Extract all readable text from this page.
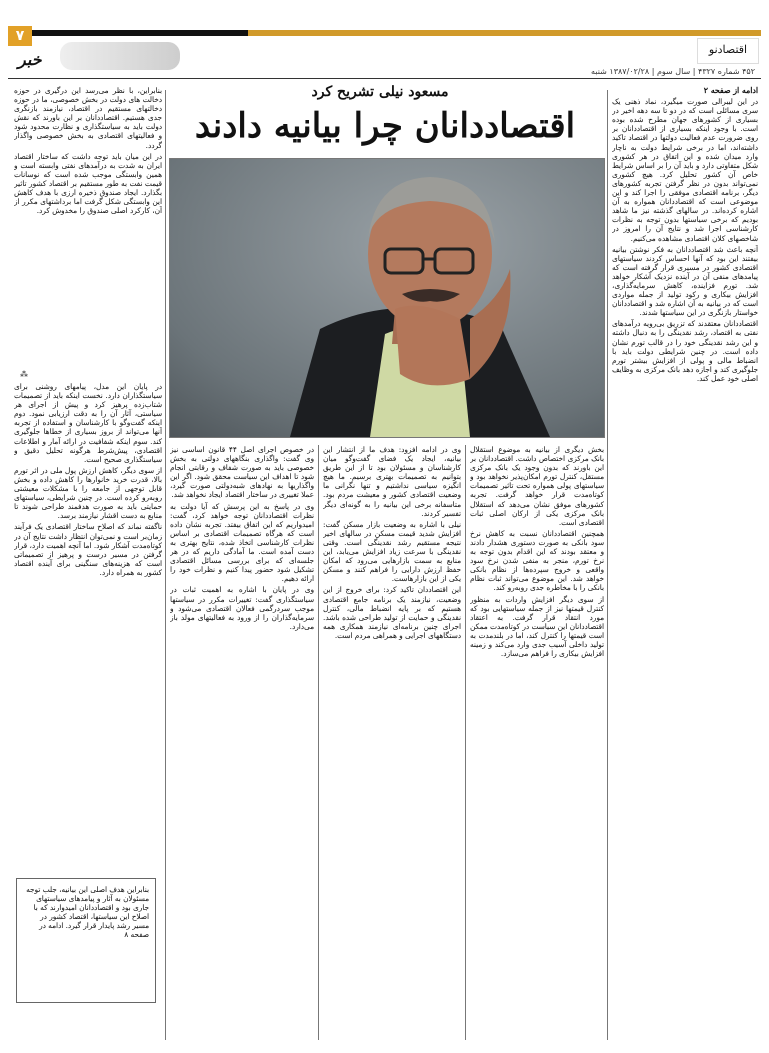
۷
خبر
اقتصادنو
۴۵۲ شماره ۴۳۲۷ | سال سوم | ۱۳۸۷/۰۲/۲۸ شنبه
مسعود نیلی تشریح کرد
اقتصاددانان چرا بیانیه دادند

ادامه از صفحه ۲

در این لیبرالی صورت میگیرد، نماد ذهنی یک سری مسائلی است که در دو تا سه دهه اخیر در بسیاری از کشورهای جهان مطرح شده بوده است. با وجود اینکه بسیاری از اقتصاددانان بر روی ضرورت عدم فعالیت دولتها در اقتصاد تاکید داشته‌اند، اما در برخی شرایط دولت به ناچار وارد میدان شده و این اتفاق در هر کشوری شکل متفاوتی دارد و باید آن را بر اساس شرایط خاص آن کشور تحلیل کرد. هیچ کشوری نمی‌تواند بدون در نظر گرفتن تجربه کشورهای دیگر، برنامه اقتصادی موفقی را اجرا کند و این موضوعی است که اقتصاددانان همواره به آن اشاره کرده‌اند. در سالهای گذشته نیز ما شاهد بودیم که برخی سیاستها بدون توجه به نظرات کارشناسی اجرا شد و نتایج آن را امروز در شاخصهای کلان اقتصادی مشاهده می‌کنیم.

آنچه باعث شد اقتصاددانان به فکر نوشتن بیانیه بیفتند این بود که آنها احساس کردند سیاستهای اقتصادی کشور در مسیری قرار گرفته است که پیامدهای منفی آن در آینده نزدیک آشکار خواهد شد. تورم فزاینده، کاهش سرمایه‌گذاری، افزایش بیکاری و رکود تولید از جمله مواردی است که در بیانیه به آن اشاره شد و اقتصاددانان خواستار بازنگری در این سیاستها شدند.

اقتصاددانان معتقدند که تزریق بی‌رویه درآمدهای نفتی به اقتصاد، رشد نقدینگی را به دنبال داشته و این رشد نقدینگی خود را در قالب تورم نشان داده است. در چنین شرایطی دولت باید با انضباط مالی و پولی از افزایش بیشتر تورم جلوگیری کند و اجازه دهد بانک مرکزی به وظایف اصلی خود عمل کند.

بخش دیگری از بیانیه به موضوع استقلال بانک مرکزی اختصاص داشت. اقتصاددانان بر این باورند که بدون وجود یک بانک مرکزی مستقل، کنترل تورم امکان‌پذیر نخواهد بود و سیاستهای پولی همواره تحت تاثیر تصمیمات کوتاه‌مدت قرار خواهد گرفت. تجربه کشورهای موفق نشان می‌دهد که استقلال بانک مرکزی یکی از ارکان اصلی ثبات اقتصادی است.

همچنین اقتصاددانان نسبت به کاهش نرخ سود بانکی به صورت دستوری هشدار دادند و معتقد بودند که این اقدام بدون توجه به نرخ تورم، منجر به منفی شدن نرخ سود واقعی و خروج سپرده‌ها از نظام بانکی خواهد شد. این موضوع می‌تواند ثبات نظام بانکی را با مخاطره جدی روبه‌رو کند.

از سوی دیگر افزایش واردات به منظور کنترل قیمتها نیز از جمله سیاستهایی بود که مورد انتقاد قرار گرفت. به اعتقاد اقتصاددانان این سیاست در کوتاه‌مدت ممکن است قیمتها را کنترل کند، اما در بلندمدت به تولید داخلی آسیب جدی وارد می‌کند و زمینه افزایش بیکاری را فراهم می‌سازد.

وی در ادامه افزود: هدف ما از انتشار این بیانیه، ایجاد یک فضای گفت‌وگو میان کارشناسان و مسئولان بود تا از این طریق بتوانیم به تصمیمات بهتری برسیم. ما هیچ انگیزه سیاسی نداشتیم و تنها نگرانی ما وضعیت اقتصادی کشور و معیشت مردم بود. متاسفانه برخی این بیانیه را به گونه‌ای دیگر تفسیر کردند.

نیلی با اشاره به وضعیت بازار مسکن گفت: افزایش شدید قیمت مسکن در سالهای اخیر نتیجه مستقیم رشد نقدینگی است. وقتی نقدینگی با سرعت زیاد افزایش می‌یابد، این منابع به سمت بازارهایی می‌رود که امکان حفظ ارزش دارایی را فراهم کنند و مسکن یکی از این بازارهاست.

این اقتصاددان تاکید کرد: برای خروج از این وضعیت، نیازمند یک برنامه جامع اقتصادی هستیم که بر پایه انضباط مالی، کنترل نقدینگی و حمایت از تولید طراحی شده باشد. اجرای چنین برنامه‌ای نیازمند همکاری همه دستگاههای اجرایی و همراهی مردم است.

در خصوص اجرای اصل ۴۴ قانون اساسی نیز وی گفت: واگذاری بنگاههای دولتی به بخش خصوصی باید به صورت شفاف و رقابتی انجام شود تا اهداف این سیاست محقق شود. اگر این واگذاریها به نهادهای شبه‌دولتی صورت گیرد، عملا تغییری در ساختار اقتصاد ایجاد نخواهد شد.

وی در پاسخ به این پرسش که آیا دولت به نظرات اقتصاددانان توجه خواهد کرد، گفت: امیدواریم که این اتفاق بیفتد. تجربه نشان داده است که هرگاه تصمیمات اقتصادی بر اساس نظرات کارشناسی اتخاذ شده، نتایج بهتری به دست آمده است. ما آمادگی داریم که در هر جلسه‌ای که برای بررسی مسائل اقتصادی تشکیل شود حضور پیدا کنیم و نظرات خود را ارائه دهیم.

وی در پایان با اشاره به اهمیت ثبات در سیاستگذاری گفت: تغییرات مکرر در سیاستها موجب سردرگمی فعالان اقتصادی می‌شود و سرمایه‌گذاران را از ورود به فعالیتهای مولد باز می‌دارد.

بنابراین، با نظر می‌رسد این درگیری در حوزه دخالت های دولت در بخش خصوصی، ما در حوزه دخالتهای مستقیم در اقتصاد، نیازمند بازنگری جدی هستیم. اقتصاددانان بر این باورند که نقش دولت باید به سیاستگذاری و نظارت محدود شود و فعالیتهای اقتصادی به بخش خصوصی واگذار گردد.

در این میان باید توجه داشت که ساختار اقتصاد ایران به شدت به درآمدهای نفتی وابسته است و همین وابستگی موجب شده است که نوسانات قیمت نفت به طور مستقیم بر اقتصاد کشور تاثیر بگذارد. ایجاد صندوق ذخیره ارزی با هدف کاهش این وابستگی شکل گرفت اما برداشتهای مکرر از آن، کارکرد اصلی صندوق را مخدوش کرد.

⁂

در پایان این مدل، پیامهای روشنی برای سیاستگذاران دارد. نخست اینکه باید از تصمیمات شتاب‌زده پرهیز کرد و پیش از اجرای هر سیاستی، آثار آن را به دقت ارزیابی نمود. دوم اینکه گفت‌وگو با کارشناسان و استفاده از تجربه آنها می‌تواند از بروز بسیاری از خطاها جلوگیری کند. سوم اینکه شفافیت در ارائه آمار و اطلاعات اقتصادی، پیش‌شرط هرگونه تحلیل دقیق و سیاستگذاری صحیح است.

از سوی دیگر، کاهش ارزش پول ملی در اثر تورم بالا، قدرت خرید خانوارها را کاهش داده و بخش قابل توجهی از جامعه را با مشکلات معیشتی روبه‌رو کرده است. در چنین شرایطی، سیاستهای حمایتی باید به صورت هدفمند طراحی شوند تا منابع به دست اقشار نیازمند برسد.

ناگفته نماند که اصلاح ساختار اقتصادی یک فرآیند زمان‌بر است و نمی‌توان انتظار داشت نتایج آن در کوتاه‌مدت آشکار شود. اما آنچه اهمیت دارد، قرار گرفتن در مسیر درست و پرهیز از تصمیماتی است که هزینه‌های سنگینی برای آینده اقتصاد کشور به همراه دارد.

بنابراین هدف اصلی این بیانیه، جلب توجه مسئولان به آثار و پیامدهای سیاستهای جاری بود و اقتصاددانان امیدوارند که با اصلاح این سیاستها، اقتصاد کشور در مسیر رشد پایدار قرار گیرد. ادامه در صفحه ۸
